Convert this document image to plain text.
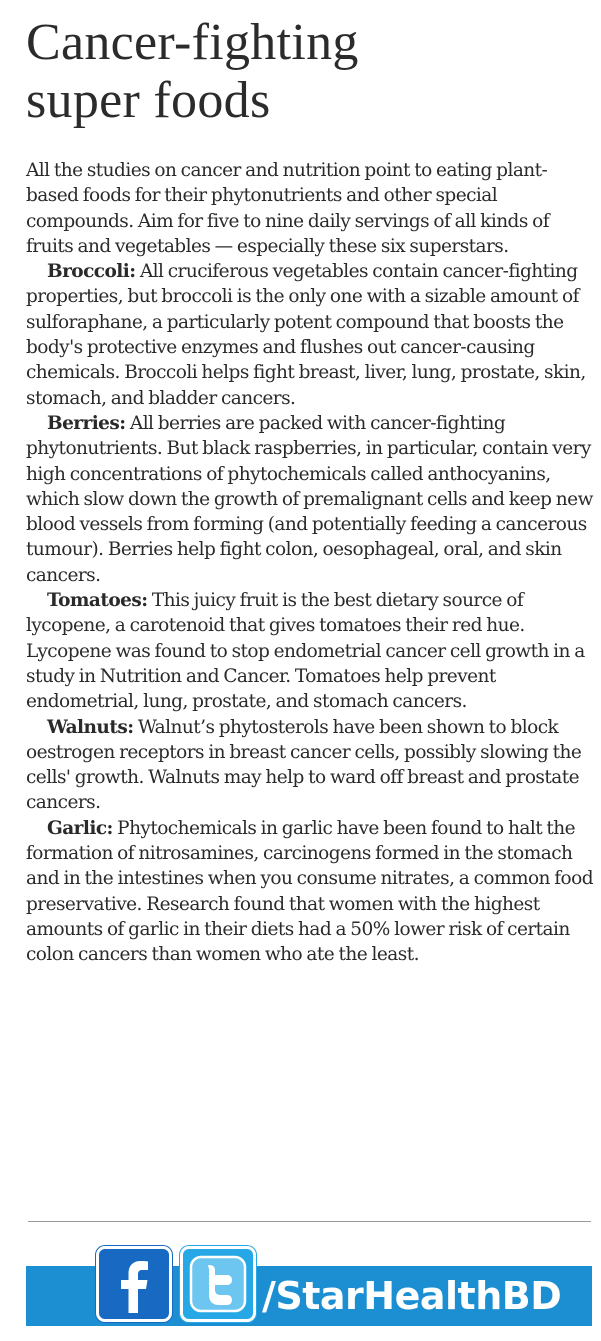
Cancer-fighting
super foods

All the studies on cancer and nutrition point to eating plant-based foods for their phytonutrients and other special compounds. Aim for five to nine daily servings of all kinds of fruits and vegetables — especially these six superstars.

Broccoli: All cruciferous vegetables contain cancer-fighting properties, but broccoli is the only one with a sizable amount of sulforaphane, a particularly potent compound that boosts the body's protective enzymes and flushes out cancer-causing chemicals. Broccoli helps fight breast, liver, lung, prostate, skin, stomach, and bladder cancers.

Berries: All berries are packed with cancer-fighting phytonutrients. But black raspberries, in particular, contain very high concentrations of phytochemicals called anthocyanins, which slow down the growth of premalignant cells and keep new blood vessels from forming (and potentially feeding a cancerous tumour). Berries help fight colon, oesophageal, oral, and skin cancers.

Tomatoes: This juicy fruit is the best dietary source of lycopene, a carotenoid that gives tomatoes their red hue. Lycopene was found to stop endometrial cancer cell growth in a study in Nutrition and Cancer. Tomatoes help prevent endometrial, lung, prostate, and stomach cancers.

Walnuts: Walnut’s phytosterols have been shown to block oestrogen receptors in breast cancer cells, possibly slowing the cells' growth. Walnuts may help to ward off breast and prostate cancers.

Garlic: Phytochemicals in garlic have been found to halt the formation of nitrosamines, carcinogens formed in the stomach and in the intestines when you consume nitrates, a common food preservative. Research found that women with the highest amounts of garlic in their diets had a 50% lower risk of certain colon cancers than women who ate the least.

/StarHealthBD
